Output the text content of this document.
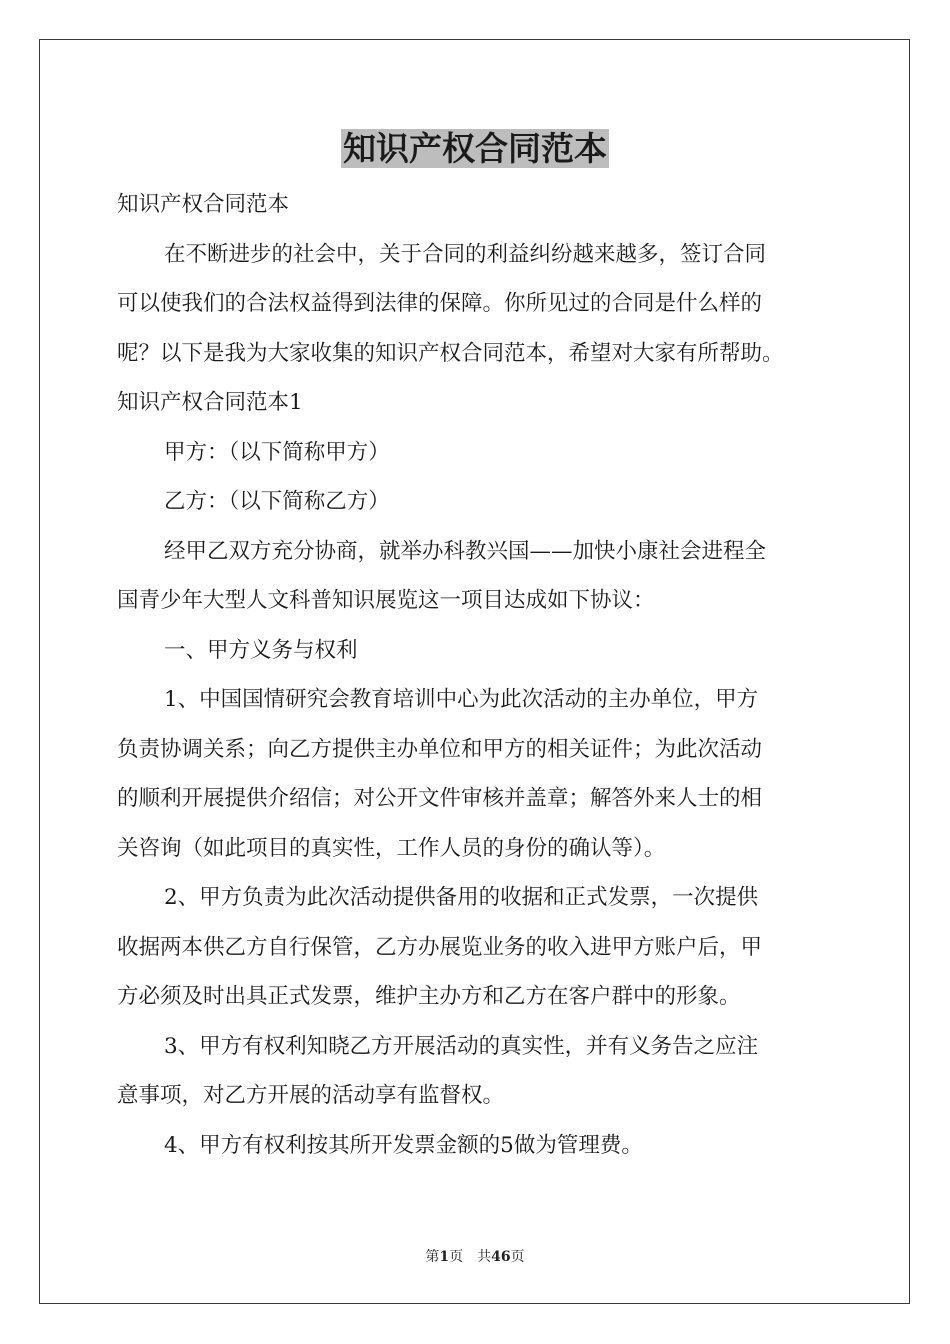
知识产权合同范本

知识产权合同范本

在不断进步的社会中，关于合同的利益纠纷越来越多，签订合同

可以使我们的合法权益得到法律的保障。你所见过的合同是什么样的

呢？以下是我为大家收集的知识产权合同范本，希望对大家有所帮助。

知识产权合同范本1

甲方：（以下简称甲方）

乙方：（以下简称乙方）

经甲乙双方充分协商，就举办科教兴国——加快小康社会进程全

国青少年大型人文科普知识展览这一项目达成如下协议：

一、甲方义务与权利

1、中国国情研究会教育培训中心为此次活动的主办单位，甲方

负责协调关系；向乙方提供主办单位和甲方的相关证件；为此次活动

的顺利开展提供介绍信；对公开文件审核并盖章；解答外来人士的相

关咨询（如此项目的真实性，工作人员的身份的确认等）。

2、甲方负责为此次活动提供备用的收据和正式发票，一次提供

收据两本供乙方自行保管，乙方办展览业务的收入进甲方账户后，甲

方必须及时出具正式发票，维护主办方和乙方在客户群中的形象。

3、甲方有权利知晓乙方开展活动的真实性，并有义务告之应注

意事项，对乙方开展的活动享有监督权。

4、甲方有权利按其所开发票金额的5做为管理费。

第1页 共46页
